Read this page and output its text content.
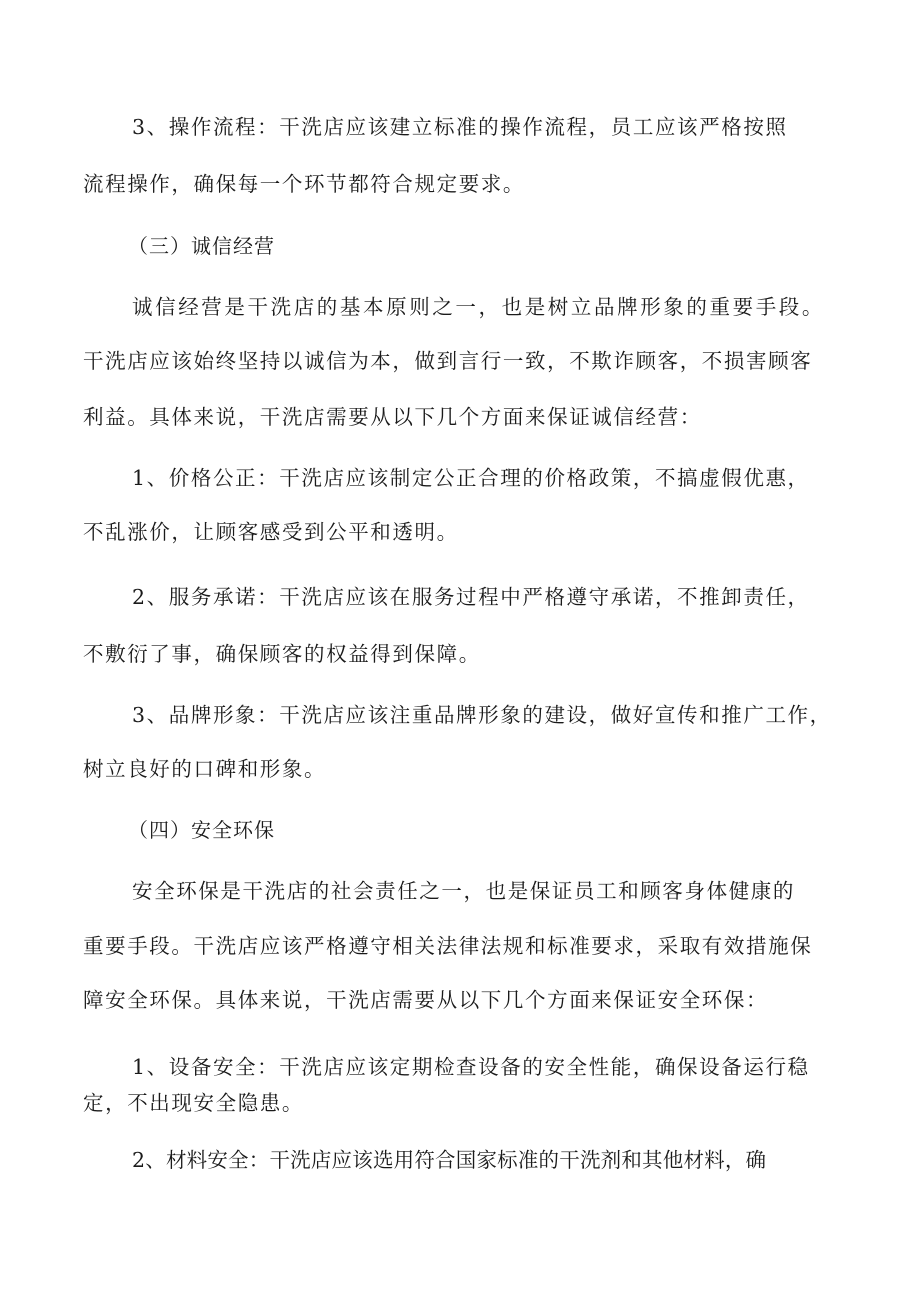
3、操作流程：干洗店应该建立标准的操作流程，员工应该严格按照
流程操作，确保每一个环节都符合规定要求。
（三）诚信经营
诚信经营是干洗店的基本原则之一，也是树立品牌形象的重要手段。
干洗店应该始终坚持以诚信为本，做到言行一致，不欺诈顾客，不损害顾客
利益。具体来说，干洗店需要从以下几个方面来保证诚信经营：
1、价格公正：干洗店应该制定公正合理的价格政策，不搞虚假优惠，
不乱涨价，让顾客感受到公平和透明。
2、服务承诺：干洗店应该在服务过程中严格遵守承诺，不推卸责任，
不敷衍了事，确保顾客的权益得到保障。
3、品牌形象：干洗店应该注重品牌形象的建设，做好宣传和推广工作，
树立良好的口碑和形象。
（四）安全环保
安全环保是干洗店的社会责任之一，也是保证员工和顾客身体健康的
重要手段。干洗店应该严格遵守相关法律法规和标准要求，采取有效措施保
障安全环保。具体来说，干洗店需要从以下几个方面来保证安全环保：
1、设备安全：干洗店应该定期检查设备的安全性能，确保设备运行稳
定，不出现安全隐患。
2、材料安全：干洗店应该选用符合国家标准的干洗剂和其他材料，确
